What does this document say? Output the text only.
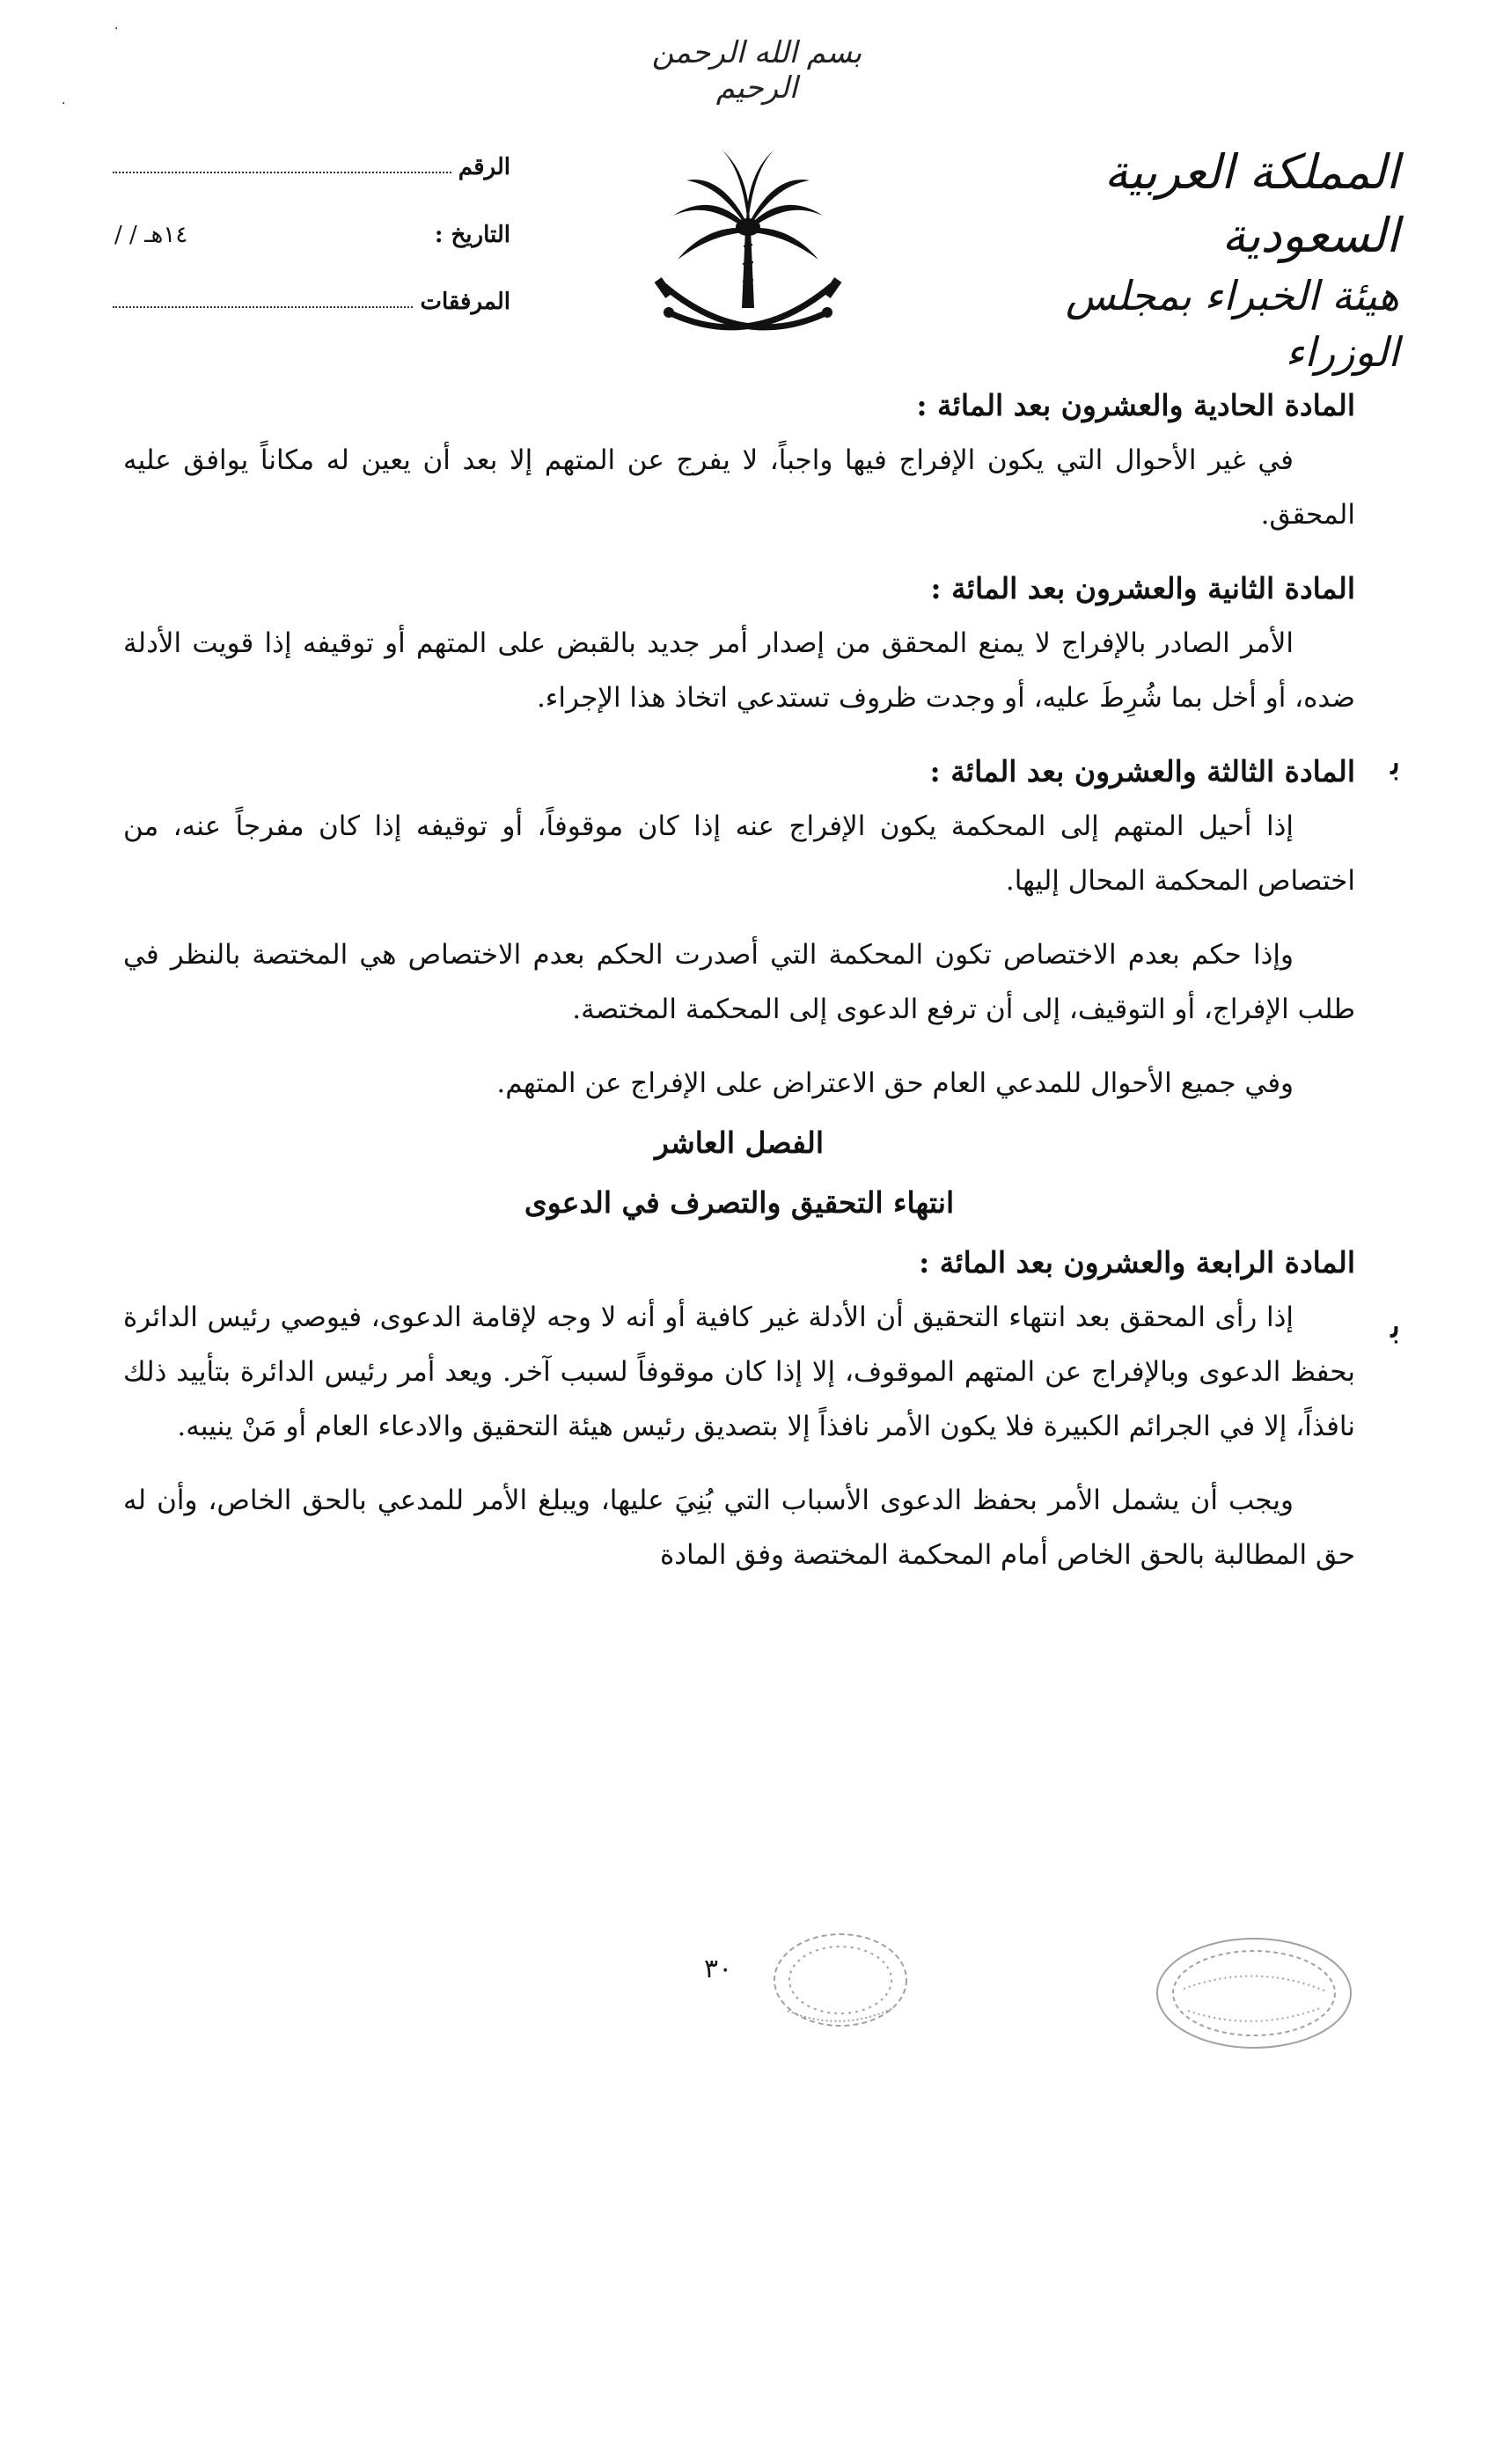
·
·
بسم الله الرحمن الرحيم
المملكة العربية السعودية
هيئة الخبراء بمجلس الوزراء
الرقم
التاريخ :
/ / ١٤هـ
المرفقات

المادة الحادية والعشرون بعد المائة :

في غير الأحوال التي يكون الإفراج فيها واجباً، لا يفرج عن المتهم إلا بعد أن يعين له مكاناً يوافق عليه المحقق.

المادة الثانية والعشرون بعد المائة :

الأمر الصادر بالإفراج لا يمنع المحقق من إصدار أمر جديد بالقبض على المتهم أو توقيفه إذا قويت الأدلة ضده، أو أخل بما شُرِطَ عليه، أو وجدت ظروف تستدعي اتخاذ هذا الإجراء.

المادة الثالثة والعشرون بعد المائة :

إذا أحيل المتهم إلى المحكمة يكون الإفراج عنه إذا كان موقوفاً، أو توقيفه إذا كان مفرجاً عنه، من اختصاص المحكمة المحال إليها.

وإذا حكم بعدم الاختصاص تكون المحكمة التي أصدرت الحكم بعدم الاختصاص هي المختصة بالنظر في طلب الإفراج، أو التوقيف، إلى أن ترفع الدعوى إلى المحكمة المختصة.

وفي جميع الأحوال للمدعي العام حق الاعتراض على الإفراج عن المتهم.

الفصل العاشر

انتهاء التحقيق والتصرف في الدعوى

المادة الرابعة والعشرون بعد المائة :

إذا رأى المحقق بعد انتهاء التحقيق أن الأدلة غير كافية أو أنه لا وجه لإقامة الدعوى، فيوصي رئيس الدائرة بحفظ الدعوى وبالإفراج عن المتهم الموقوف، إلا إذا كان موقوفاً لسبب آخر. ويعد أمر رئيس الدائرة بتأييد ذلك نافذاً، إلا في الجرائم الكبيرة فلا يكون الأمر نافذاً إلا بتصديق رئيس هيئة التحقيق والادعاء العام أو مَنْ ينيبه.

ويجب أن يشمل الأمر بحفظ الدعوى الأسباب التي بُنِيَ عليها، ويبلغ الأمر للمدعي بالحق الخاص، وأن له حق المطالبة بالحق الخاص أمام المحكمة المختصة وفق المادة

ﺑ
ﺑ
٣٠
